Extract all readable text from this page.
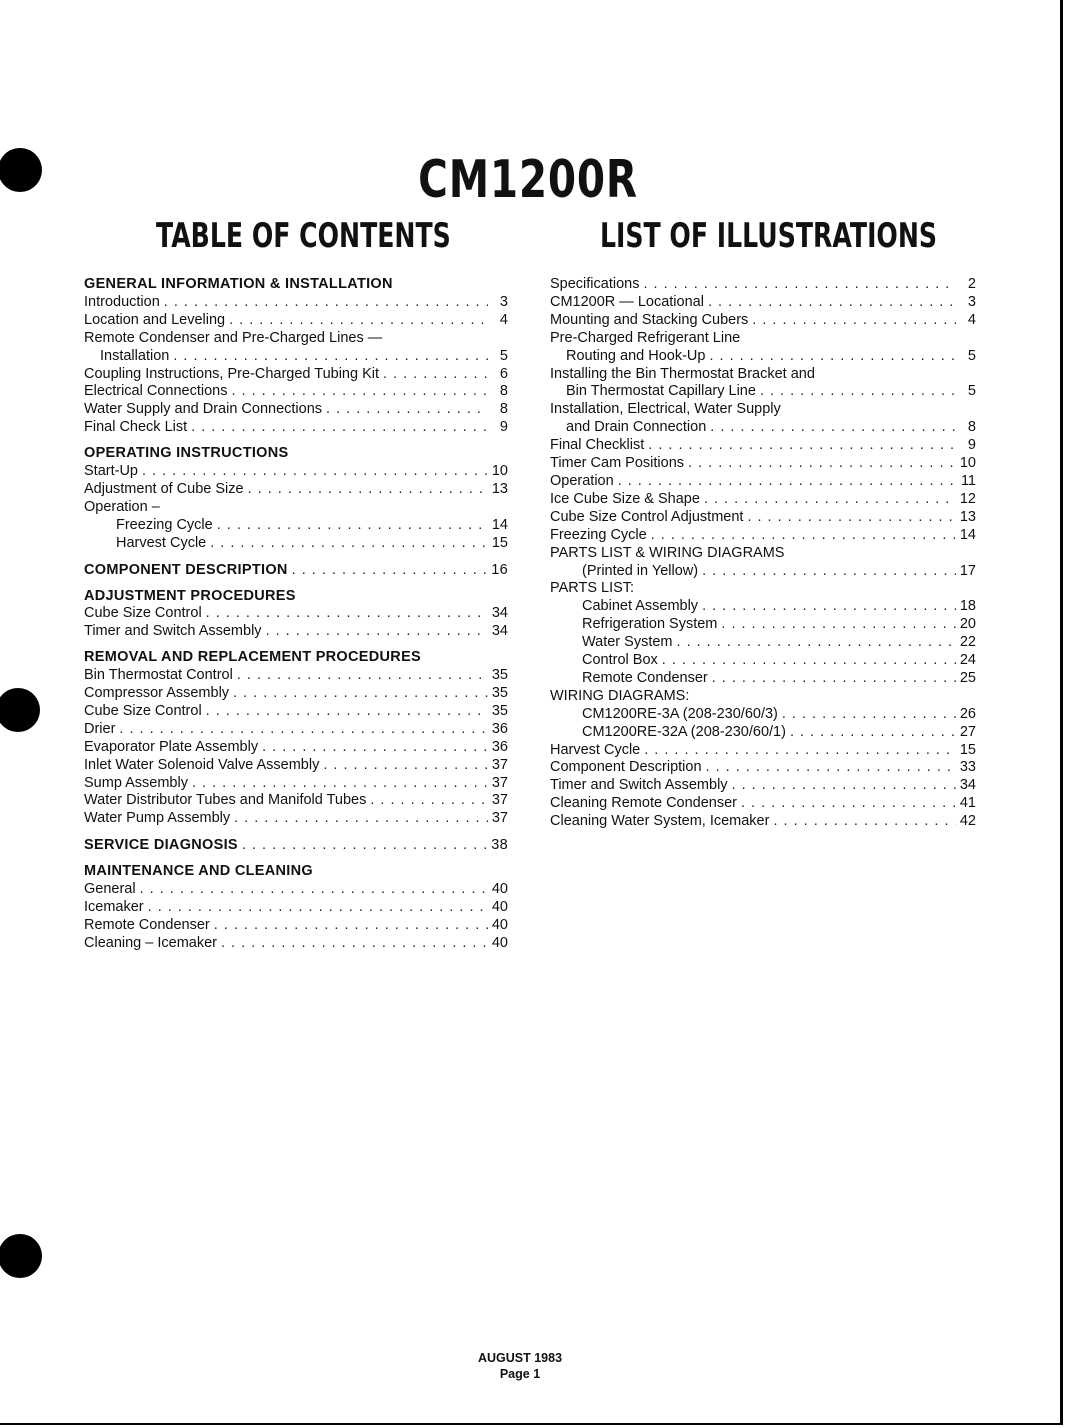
CM1200R
TABLE OF CONTENTS	LIST OF ILLUSTRATIONS
GENERAL INFORMATION & INSTALLATION
Introduction . . .	3
Location and Leveling . . .	4
Remote Condenser and Pre-Charged Lines —
Installation . . .	5
Coupling Instructions, Pre-Charged Tubing Kit . . .	6
Electrical Connections . . .	8
Water Supply and Drain Connections . . .	8
Final Check List . . .	9
OPERATING INSTRUCTIONS
Start-Up . . .	10
Adjustment of Cube Size . . .	13
Operation –
Freezing Cycle . . .	14
Harvest Cycle . . .	15
COMPONENT DESCRIPTION . . .	16
ADJUSTMENT PROCEDURES
Cube Size Control . . .	34
Timer and Switch Assembly . . .	34
REMOVAL AND REPLACEMENT PROCEDURES
Bin Thermostat Control . . .	35
Compressor Assembly . . .	35
Cube Size Control . . .	35
Drier . . .	36
Evaporator Plate Assembly . . .	36
Inlet Water Solenoid Valve Assembly . . .	37
Sump Assembly . . .	37
Water Distributor Tubes and Manifold Tubes . . .	37
Water Pump Assembly . . .	37
SERVICE DIAGNOSIS . . .	38
MAINTENANCE AND CLEANING
General . . .	40
Icemaker . . .	40
Remote Condenser . . .	40
Cleaning – Icemaker . . .	40
Specifications . . .	2
CM1200R — Locational . . .	3
Mounting and Stacking Cubers . . .	4
Pre-Charged Refrigerant Line
Routing and Hook-Up . . .	5
Installing the Bin Thermostat Bracket and
Bin Thermostat Capillary Line . . .	5
Installation, Electrical, Water Supply
and Drain Connection . . .	8
Final Checklist . . .	9
Timer Cam Positions . . .	10
Operation . . .	11
Ice Cube Size & Shape . . .	12
Cube Size Control Adjustment . . .	13
Freezing Cycle . . .	14
PARTS LIST & WIRING DIAGRAMS
(Printed in Yellow) . . .	17
PARTS LIST:
Cabinet Assembly . . .	18
Refrigeration System . . .	20
Water System . . .	22
Control Box . . .	24
Remote Condenser . . .	25
WIRING DIAGRAMS:
CM1200RE-3A (208-230/60/3) . . .	26
CM1200RE-32A (208-230/60/1) . . .	27
Harvest Cycle . . .	15
Component Description . . .	33
Timer and Switch Assembly . . .	34
Cleaning Remote Condenser . . .	41
Cleaning Water System, Icemaker . . .	42
AUGUST 1983
Page 1
